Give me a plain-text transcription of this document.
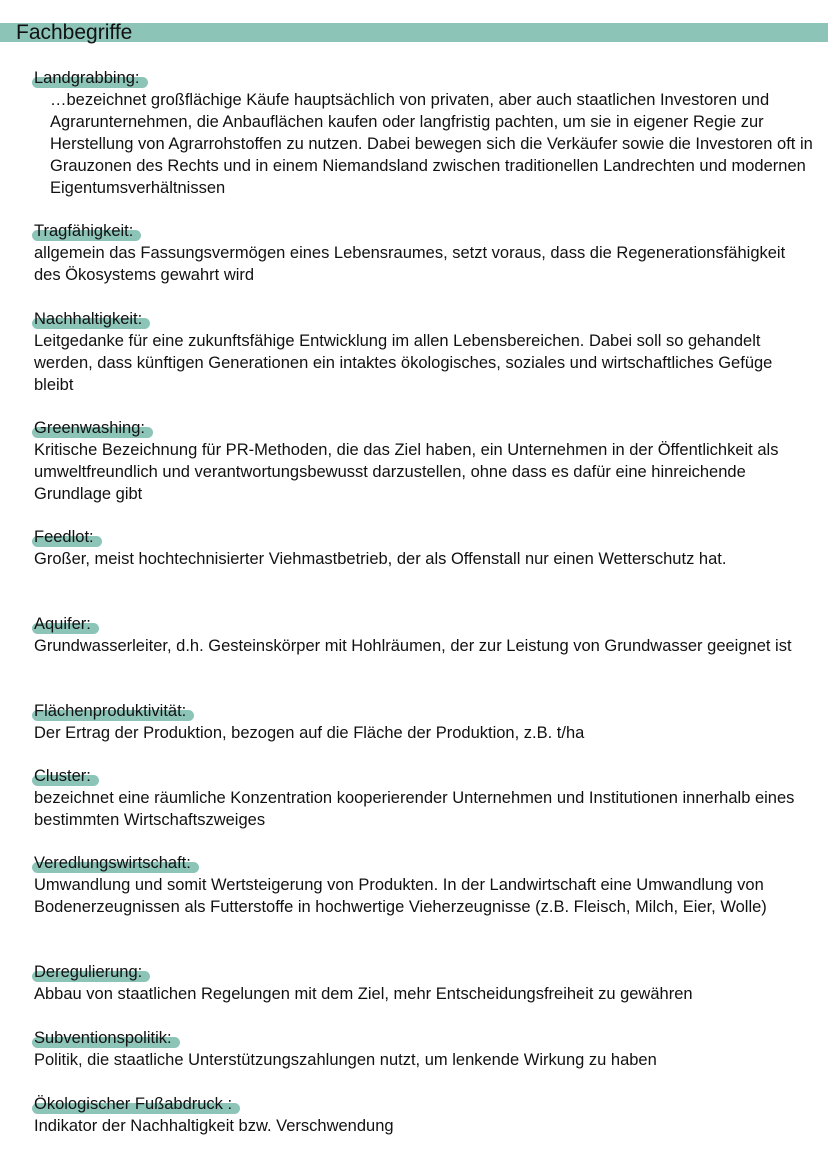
Fachbegriffe
Landgrabbing:

…bezeichnet großflächige Käufe hauptsächlich von privaten, aber auch staatlichen Investoren und Agrarunternehmen, die Anbauflächen kaufen oder langfristig pachten, um sie in eigener Regie zur Herstellung von Agrarrohstoffen zu nutzen. Dabei bewegen sich die Verkäufer sowie die Investoren oft in Grauzonen des Rechts und in einem Niemandsland zwischen traditionellen Landrechten und modernen Eigentumsverhältnissen

Tragfähigkeit:

allgemein das Fassungsvermögen eines Lebensraumes, setzt voraus, dass die Regenerationsfähigkeit des Ökosystems gewahrt wird

Nachhaltigkeit:

Leitgedanke für eine zukunftsfähige Entwicklung im allen Lebensbereichen. Dabei soll so gehandelt werden, dass künftigen Generationen ein intaktes ökologisches, soziales und wirtschaftliches Gefüge bleibt

Greenwashing:

Kritische Bezeichnung für PR-Methoden, die das Ziel haben, ein Unternehmen in der Öffentlichkeit als umweltfreundlich und verantwortungsbewusst darzustellen, ohne dass es dafür eine hinreichende Grundlage gibt

Feedlot:

Großer, meist hochtechnisierter Viehmastbetrieb, der als Offenstall nur einen Wetterschutz hat.

Aquifer:

Grundwasserleiter, d.h. Gesteinskörper mit Hohlräumen, der zur Leistung von Grundwasser geeignet ist

Flächenproduktivität:

Der Ertrag der Produktion, bezogen auf die Fläche der Produktion, z.B. t/ha

Cluster:

bezeichnet eine räumliche Konzentration kooperierender Unternehmen und Institutionen innerhalb eines bestimmten Wirtschaftszweiges

Veredlungswirtschaft:

Umwandlung und somit Wertsteigerung von Produkten. In der Landwirtschaft eine Umwandlung von Bodenerzeugnissen als Futterstoffe in hochwertige Vieherzeugnisse (z.B. Fleisch, Milch, Eier, Wolle)

Deregulierung:

Abbau von staatlichen Regelungen mit dem Ziel, mehr Entscheidungsfreiheit zu gewähren

Subventionspolitik:

Politik, die staatliche Unterstützungszahlungen nutzt, um lenkende Wirkung zu haben

Ökologischer Fußabdruck :

Indikator der Nachhaltigkeit bzw. Verschwendung
